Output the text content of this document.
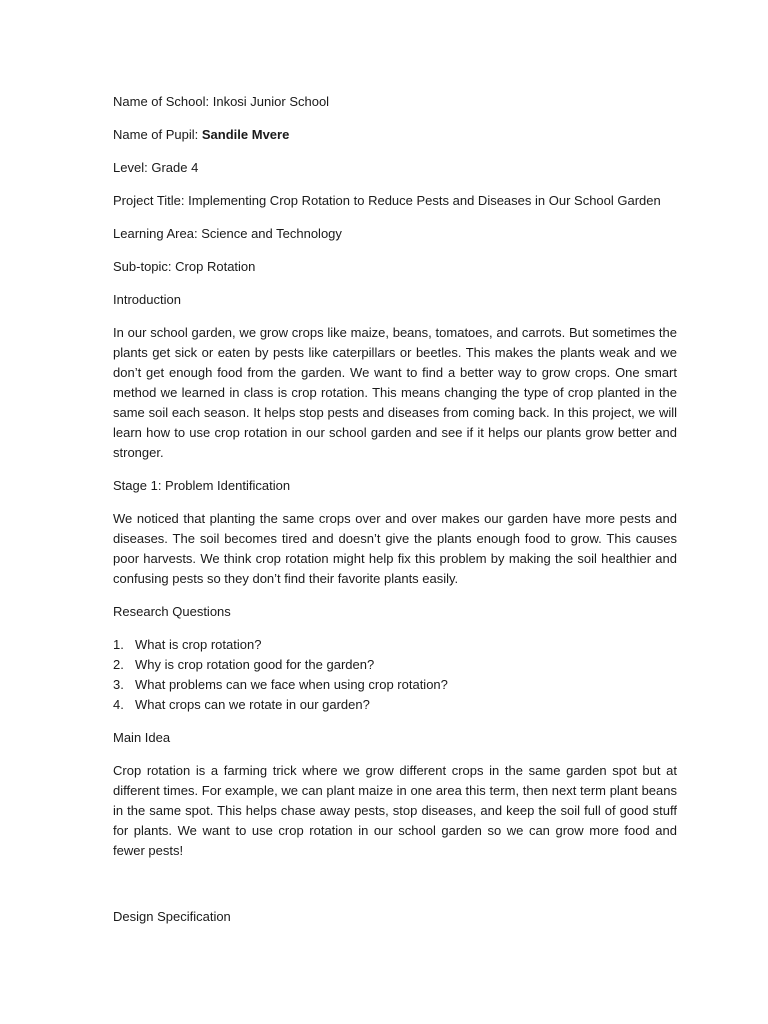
Name of School: Inkosi Junior School

Name of Pupil: Sandile Mvere

Level: Grade 4

Project Title: Implementing Crop Rotation to Reduce Pests and Diseases in Our School Garden

Learning Area: Science and Technology

Sub-topic: Crop Rotation

Introduction

In our school garden, we grow crops like maize, beans, tomatoes, and carrots. But sometimes the plants get sick or eaten by pests like caterpillars or beetles. This makes the plants weak and we don’t get enough food from the garden. We want to find a better way to grow crops. One smart method we learned in class is crop rotation. This means changing the type of crop planted in the same soil each season. It helps stop pests and diseases from coming back. In this project, we will learn how to use crop rotation in our school garden and see if it helps our plants grow better and stronger.

Stage 1: Problem Identification

We noticed that planting the same crops over and over makes our garden have more pests and diseases. The soil becomes tired and doesn’t give the plants enough food to grow. This causes poor harvests. We think crop rotation might help fix this problem by making the soil healthier and confusing pests so they don’t find their favorite plants easily.

Research Questions

1. What is crop rotation?
2. Why is crop rotation good for the garden?
3. What problems can we face when using crop rotation?
4. What crops can we rotate in our garden?

Main Idea

Crop rotation is a farming trick where we grow different crops in the same garden spot but at different times. For example, we can plant maize in one area this term, then next term plant beans in the same spot. This helps chase away pests, stop diseases, and keep the soil full of good stuff for plants. We want to use crop rotation in our school garden so we can grow more food and fewer pests!

Design Specification
